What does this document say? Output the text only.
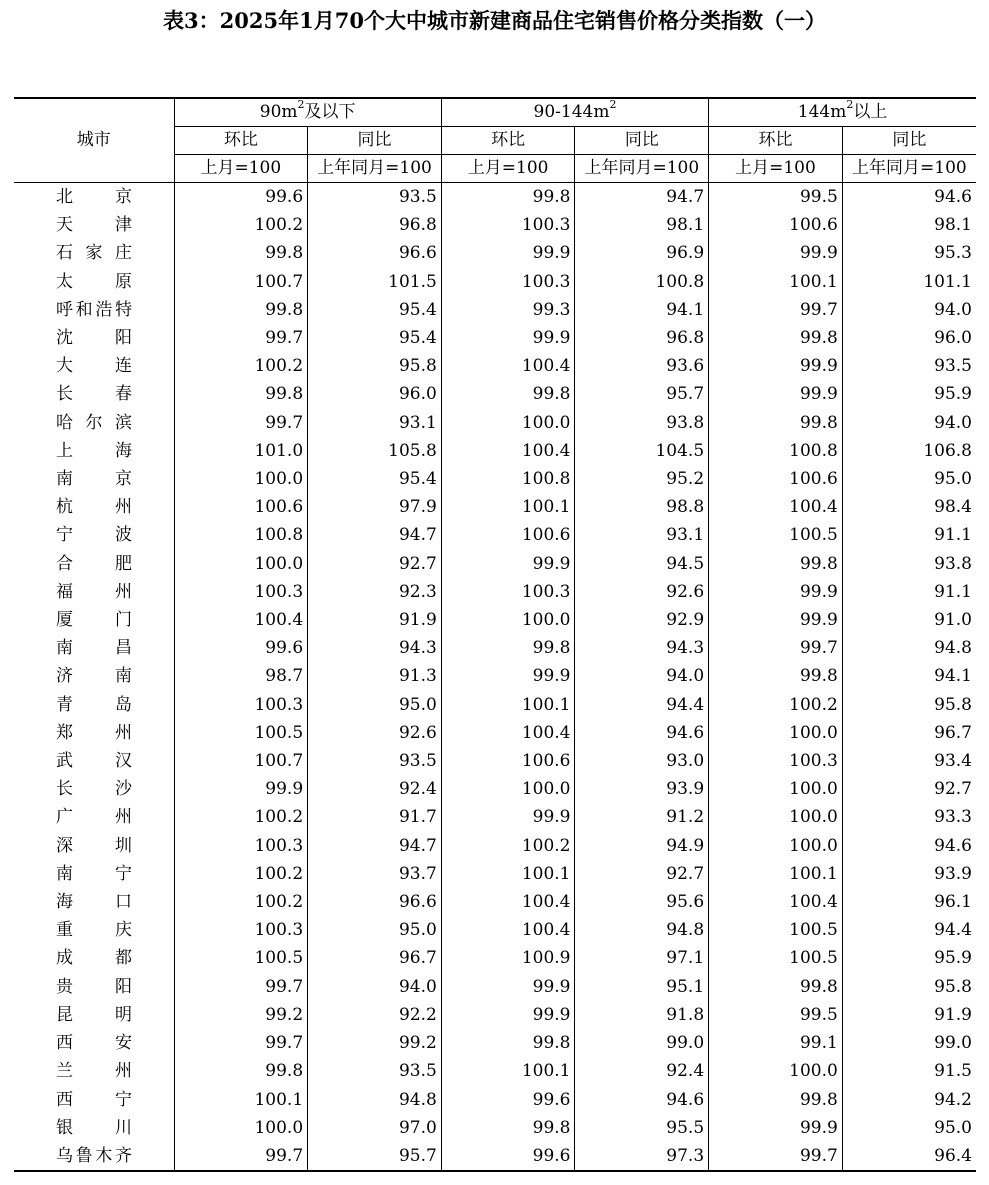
表3：2025年1月70个大中城市新建商品住宅销售价格分类指数（一）
城市	$90m^2$及以下		$90-144m^2$		$144m^2$以上	
	环比	同比	环比	同比	环比	同比
	上月=100	上年同月=100	上月=100	上年同月=100	上月=100	上年同月=100
北 京	99.6	93.5	99.8	94.7	99.5	94.6
天 津	100.2	96.8	100.3	98.1	100.6	98.1
石 家 庄	99.8	96.6	99.9	96.9	99.9	95.3
太 原	100.7	101.5	100.3	100.8	100.1	101.1
呼和浩特	99.8	95.4	99.3	94.1	99.7	94.0
沈 阳	99.7	95.4	99.9	96.8	99.8	96.0
大 连	100.2	95.8	100.4	93.6	99.9	93.5
长 春	99.8	96.0	99.8	95.7	99.9	95.9
哈 尔 滨	99.7	93.1	100.0	93.8	99.8	94.0
上 海	101.0	105.8	100.4	104.5	100.8	106.8
南 京	100.0	95.4	100.8	95.2	100.6	95.0
杭 州	100.6	97.9	100.1	98.8	100.4	98.4
宁 波	100.8	94.7	100.6	93.1	100.5	91.1
合 肥	100.0	92.7	99.9	94.5	99.8	93.8
福 州	100.3	92.3	100.3	92.6	99.9	91.1
厦 门	100.4	91.9	100.0	92.9	99.9	91.0
南 昌	99.6	94.3	99.8	94.3	99.7	94.8
济 南	98.7	91.3	99.9	94.0	99.8	94.1
青 岛	100.3	95.0	100.1	94.4	100.2	95.8
郑 州	100.5	92.6	100.4	94.6	100.0	96.7
武 汉	100.7	93.5	100.6	93.0	100.3	93.4
长 沙	99.9	92.4	100.0	93.9	100.0	92.7
广 州	100.2	91.7	99.9	91.2	100.0	93.3
深 圳	100.3	94.7	100.2	94.9	100.0	94.6
南 宁	100.2	93.7	100.1	92.7	100.1	93.9
海 口	100.2	96.6	100.4	95.6	100.4	96.1
重 庆	100.3	95.0	100.4	94.8	100.5	94.4
成 都	100.5	96.7	100.9	97.1	100.5	95.9
贵 阳	99.7	94.0	99.9	95.1	99.8	95.8
昆 明	99.2	92.2	99.9	91.8	99.5	91.9
西 安	99.7	99.2	99.8	99.0	99.1	99.0
兰 州	99.8	93.5	100.1	92.4	100.0	91.5
西 宁	100.1	94.8	99.6	94.6	99.8	94.2
银 川	100.0	97.0	99.8	95.5	99.9	95.0
乌鲁木齐	99.7	95.7	99.6	97.3	99.7	96.4
